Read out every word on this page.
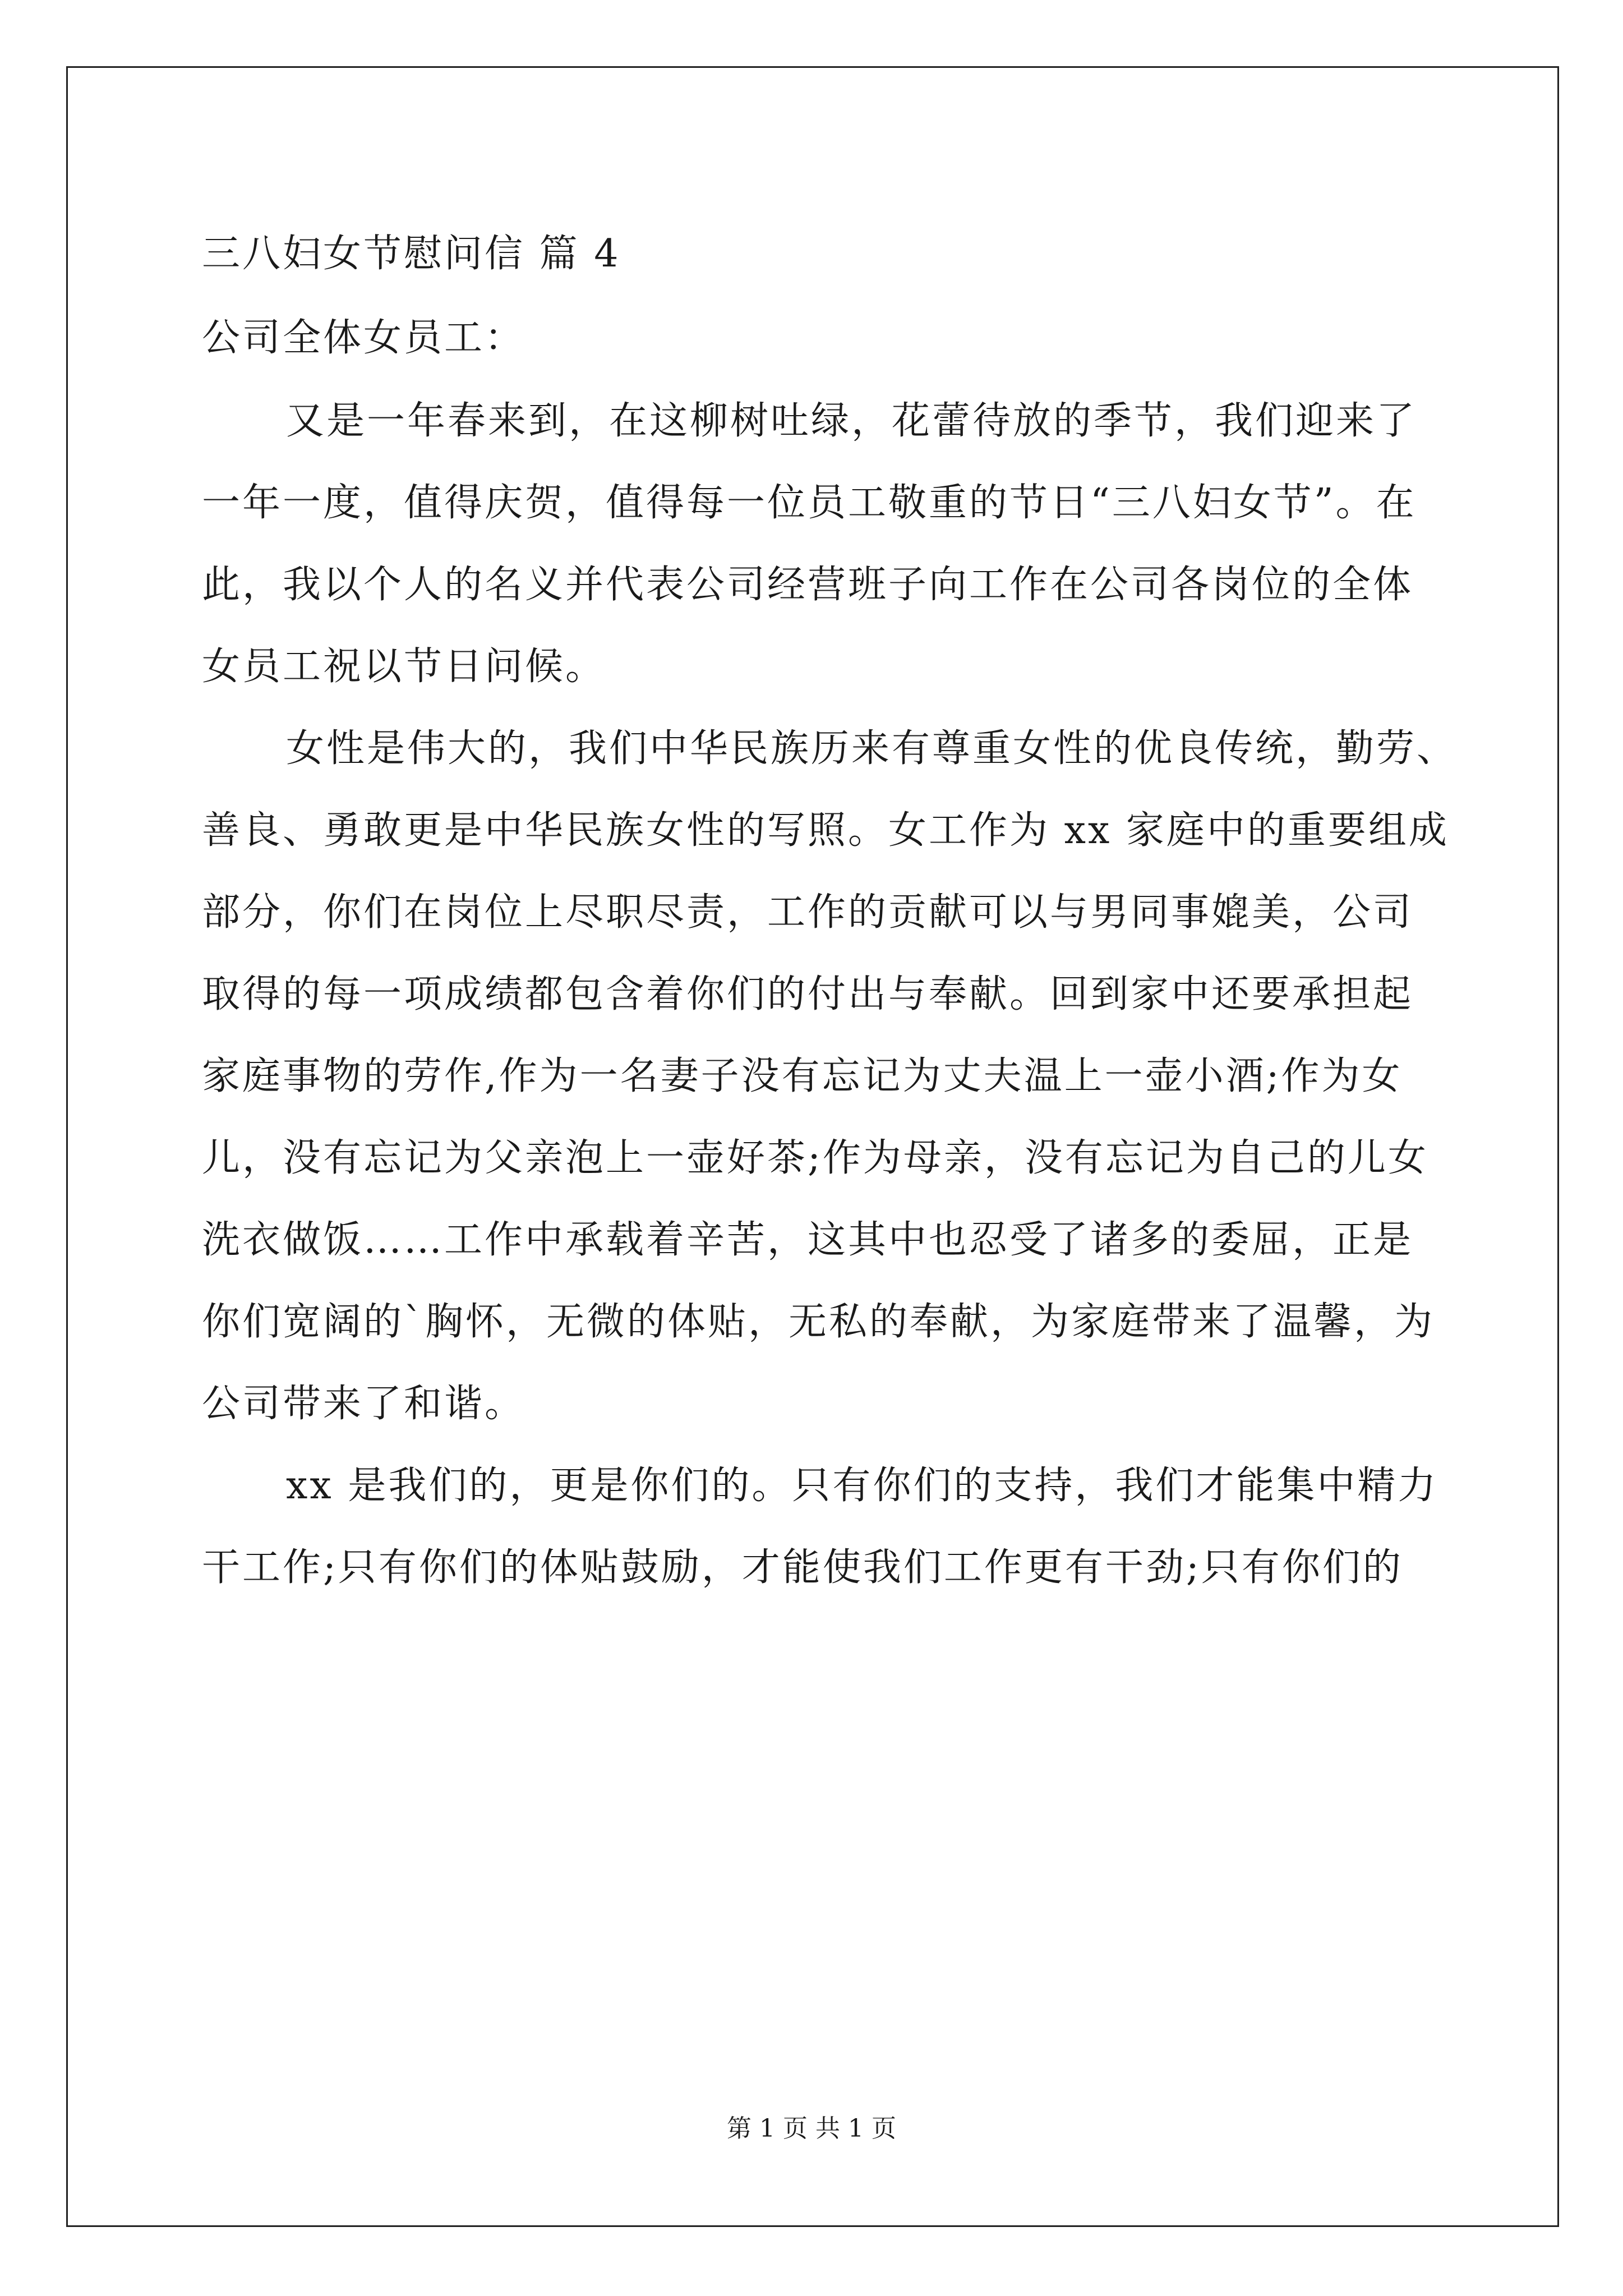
三八妇女节慰问信 篇 4

公司全体女员工：

又是一年春来到，在这柳树吐绿，花蕾待放的季节，我们迎来了

一年一度，值得庆贺，值得每一位员工敬重的节日“三八妇女节”。在

此，我以个人的名义并代表公司经营班子向工作在公司各岗位的全体

女员工祝以节日问候。

女性是伟大的，我们中华民族历来有尊重女性的优良传统，勤劳、

善良、勇敢更是中华民族女性的写照。女工作为 xx 家庭中的重要组成

部分，你们在岗位上尽职尽责，工作的贡献可以与男同事媲美，公司

取得的每一项成绩都包含着你们的付出与奉献。回到家中还要承担起

家庭事物的劳作,作为一名妻子没有忘记为丈夫温上一壶小酒;作为女

儿，没有忘记为父亲泡上一壶好茶;作为母亲，没有忘记为自己的儿女

洗衣做饭……工作中承载着辛苦，这其中也忍受了诸多的委屈，正是

你们宽阔的`胸怀，无微的体贴，无私的奉献，为家庭带来了温馨，为

公司带来了和谐。

xx 是我们的，更是你们的。只有你们的支持，我们才能集中精力

干工作;只有你们的体贴鼓励，才能使我们工作更有干劲;只有你们的

第 1 页 共 1 页
